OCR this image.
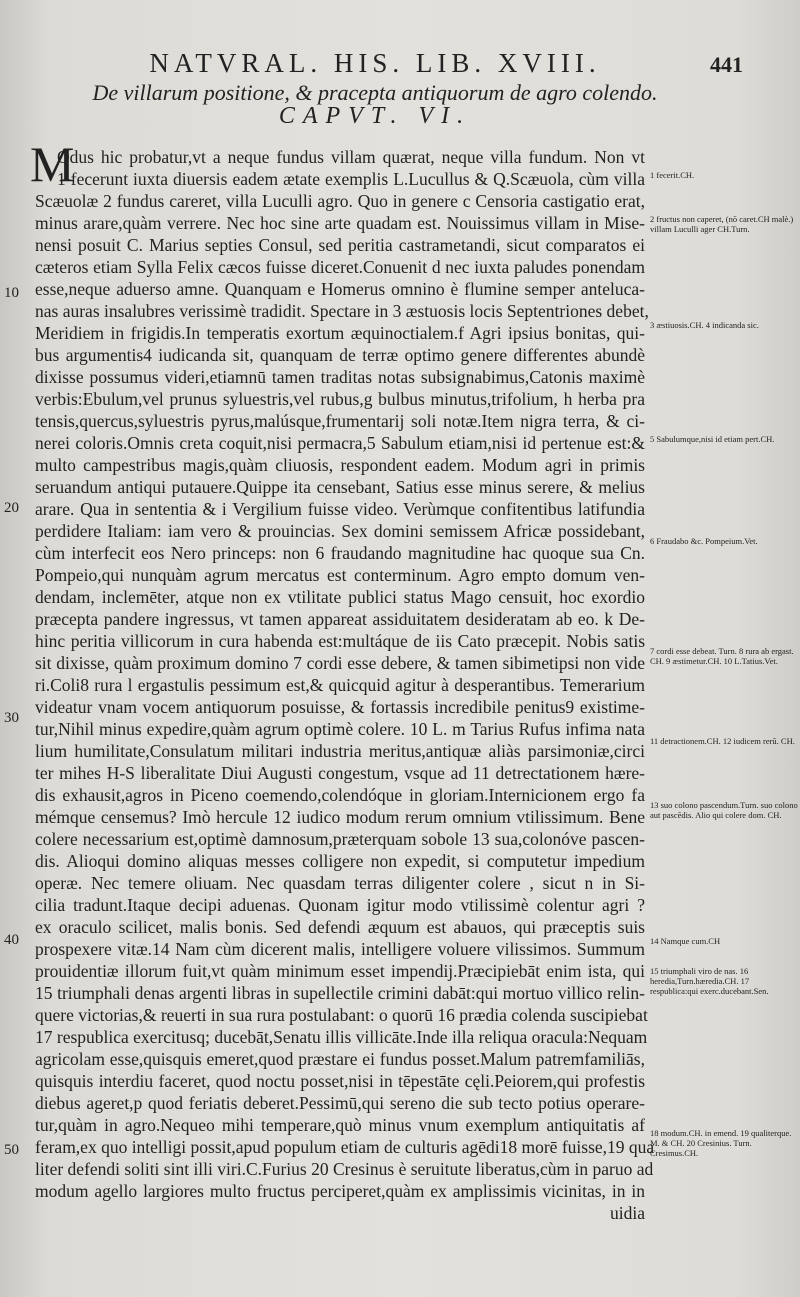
NATVRAL. HIS. LIB. XVIII.	441
De villarum positione, & pracepta antiquorum de agro colendo.
CAPVT. VI.
M
Odus hic probatur,vt a neque fundus villam quærat, neque villa fundum. Non vt
1 fecerunt iuxta diuersis eadem ætate exemplis L.Lucullus & Q.Scæuola, cùm villa
Scæuolæ 2 fundus careret, villa Luculli agro. Quo in genere c Censoria castigatio erat,
minus arare,quàm verrere. Nec hoc sine arte quadam est. Nouissimus villam in Mise-
nensi posuit C. Marius septies Consul, sed peritia castrametandi, sicut comparatos ei
cæteros etiam Sylla Felix cæcos fuisse diceret.Conuenit d nec iuxta paludes ponendam
esse,neque aduerso amne. Quanquam e Homerus omnino è flumine semper anteluca-
nas auras insalubres verissimè tradidit. Spectare in 3 æstuosis locis Septentriones debet,
Meridiem in frigidis.In temperatis exortum æquinoctialem.f Agri ipsius bonitas, qui-
bus argumentis4 iudicanda sit, quanquam de terræ optimo genere differentes abundè
dixisse possumus videri,etiamnū tamen traditas notas subsignabimus,Catonis maximè
verbis:Ebulum,vel prunus syluestris,vel rubus,g bulbus minutus,trifolium, h herba pra
tensis,quercus,syluestris pyrus,malúsque,frumentarij soli notæ.Item nigra terra, & ci-
nerei coloris.Omnis creta coquit,nisi permacra,5 Sabulum etiam,nisi id pertenue est:&
multo campestribus magis,quàm cliuosis, respondent eadem. Modum agri in primis
seruandum antiqui putauere.Quippe ita censebant, Satius esse minus serere, & melius
arare. Qua in sententia & i Vergilium fuisse video. Verùmque confitentibus latifundia
perdidere Italiam: iam vero & prouincias. Sex domini semissem Africæ possidebant,
cùm interfecit eos Nero princeps: non 6 fraudando magnitudine hac quoque sua Cn.
Pompeio,qui nunquàm agrum mercatus est conterminum. Agro empto domum ven-
dendam, inclemēter, atque non ex vtilitate publici status Mago censuit, hoc exordio
præcepta pandere ingressus, vt tamen appareat assiduitatem desideratam ab eo. k De-
hinc peritia villicorum in cura habenda est:multáque de iis Cato præcepit. Nobis satis
sit dixisse, quàm proximum domino 7 cordi esse debere, & tamen sibimetipsi non vide
ri.Coli8 rura l ergastulis pessimum est,& quicquid agitur à desperantibus. Temerarium
videatur vnam vocem antiquorum posuisse, & fortassis incredibile penitus9 existime-
tur,Nihil minus expedire,quàm agrum optimè colere. 10 L. m Tarius Rufus infima nata
lium humilitate,Consulatum militari industria meritus,antiquæ aliàs parsimoniæ,circi
ter mihes H-S liberalitate Diui Augusti congestum, vsque ad 11 detrectationem hære-
dis exhausit,agros in Piceno coemendo,colendóque in gloriam.Internicionem ergo fa
mémque censemus? Imò hercule 12 iudico modum rerum omnium vtilissimum. Bene
colere necessarium est,optimè damnosum,præterquam sobole 13 sua,colonóve pascen-
dis. Alioqui domino aliquas messes colligere non expedit, si computetur impedium
operæ. Nec temere oliuam. Nec quasdam terras diligenter colere , sicut n in Si-
cilia tradunt.Itaque decipi aduenas. Quonam igitur modo vtilissimè colentur agri ?
ex oraculo scilicet, malis bonis. Sed defendi æquum est abauos, qui præceptis suis
prospexere vitæ.14 Nam cùm dicerent malis, intelligere voluere vilissimos. Summum
prouidentiæ illorum fuit,vt quàm minimum esset impendij.Præcipiebāt enim ista, qui
15 triumphali denas argenti libras in supellectile crimini dabāt:qui mortuo villico relin-
quere victorias,& reuerti in sua rura postulabant: o quorū 16 prædia colenda suscipiebat
17 respublica exercitusq; ducebāt,Senatu illis villicāte.Inde illa reliqua oracula:Nequam
agricolam esse,quisquis emeret,quod præstare ei fundus posset.Malum patremfamiliās,
quisquis interdiu faceret, quod noctu posset,nisi in tēpestāte cęli.Peiorem,qui profestis
diebus ageret,p quod feriatis deberet.Pessimū,qui sereno die sub tecto potius operare-
tur,quàm in agro.Nequeo mihi temperare,quò minus vnum exemplum antiquitatis af
feram,ex quo intelligi possit,apud populum etiam de culturis agēdi18 morē fuisse,19 qua
liter defendi soliti sint illi viri.C.Furius 20 Cresinus è seruitute liberatus,cùm in paruo ad
modum agello largiores multo fructus perciperet,quàm ex amplissimis vicinitas, in in
uidia
10
20
30
40
50
1 fecerit.CH.
2 fructus non caperet, (nō caret.CH malè.) villam Luculli ager CH.Turn.
3 æstiuosis.CH. 4 indicanda sic.
5 Sabulumque,nisi id etiam pert.CH.
6 Fraudabo &c. Pompeium.Vet.
7 cordi esse debeat. Turn. 8 rura ab ergast. CH. 9 æstimetur.CH. 10 L.Tatius.Vet.
11 detractionem.CH. 12 iudicem rerū. CH.
13 suo colono pascendum.Turn. suo colono aut pascēdis. Alio qui colere dom. CH.
14 Namque cum.CH
15 triumphali viro de nas. 16 heredia,Turn.hæredia.CH. 17 respublica:qui exerc.ducebant.Sen.
18 modum.CH. in emend. 19 qualiterque. M. & CH. 20 Cresinius. Turn. Cresimus.CH.
